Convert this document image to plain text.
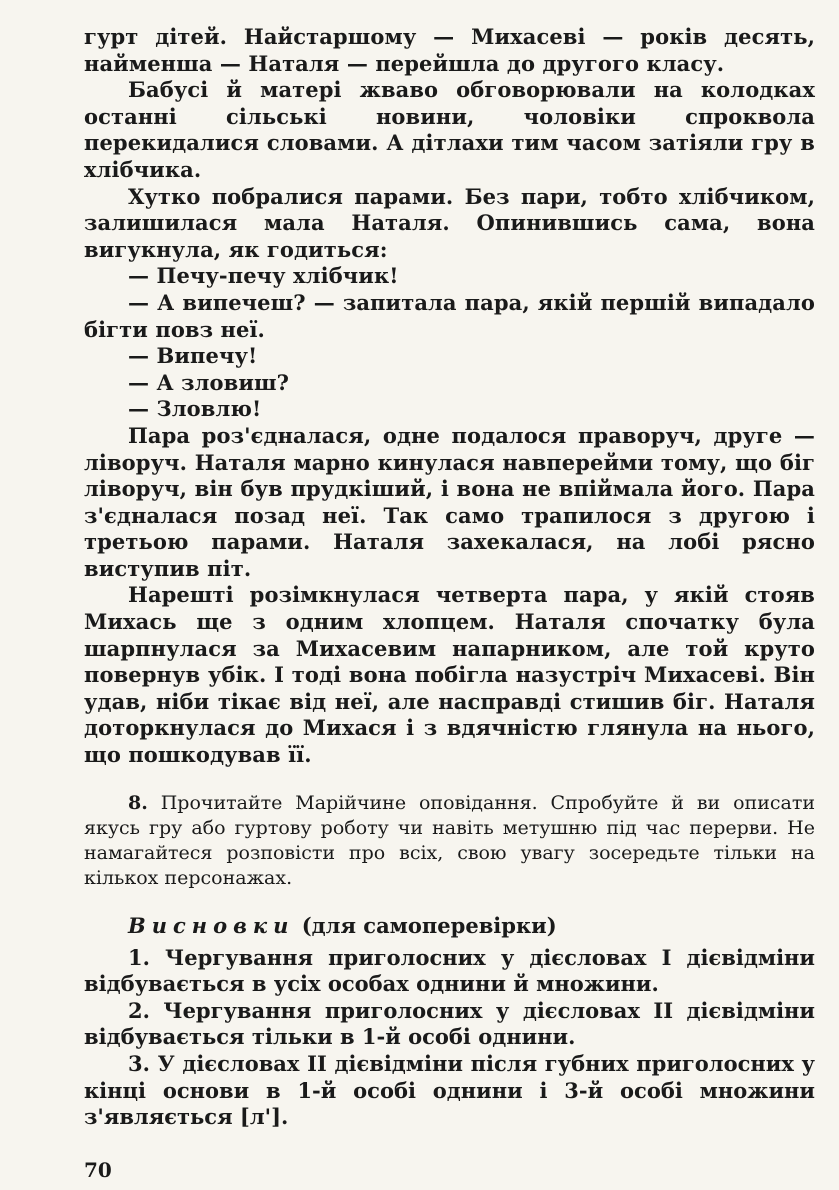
гурт дітей. Найстаршому — Михасеві — років десять, найменша — Наталя — перейшла до другого класу.

Бабусі й матері жваво обговорювали на колодках останні сільські новини, чоловіки спроквола перекидалися словами. А дітлахи тим часом затіяли гру в хлібчика.

Хутко побралися парами. Без пари, тобто хлібчиком, залишилася мала Наталя. Опинившись сама, вона вигукнула, як годиться:

— Печу-печу хлібчик!

— А випечеш? — запитала пара, якій першій випадало бігти повз неї.

— Випечу!

— А зловиш?

— Зловлю!

Пара роз'єдналася, одне подалося праворуч, друге — ліворуч. Наталя марно кинулася навперейми тому, що біг ліворуч, він був прудкіший, і вона не впіймала його. Пара з'єдналася позад неї. Так само трапилося з другою і третьою парами. Наталя захекалася, на лобі рясно виступив піт.

Нарешті розімкнулася четверта пара, у якій стояв Михась ще з одним хлопцем. Наталя спочатку була шарпнулася за Михасевим напарником, але той круто повернув убік. І тоді вона побігла назустріч Михасеві. Він удав, ніби тікає від неї, але насправді стишив біг. Наталя доторкнулася до Михася і з вдячністю глянула на нього, що пошкодував її.

8. Прочитайте Марійчине оповідання. Спробуйте й ви описати якусь гру або гуртову роботу чи навіть метушню під час перерви. Не намагайтеся розповісти про всіх, свою увагу зосередьте тільки на кількох персонажах.

Висновки (для самоперевірки)

1. Чергування приголосних у дієсловах І дієвідміни відбувається в усіх особах однини й множини.

2. Чергування приголосних у дієсловах II дієвідміни відбувається тільки в 1-й особі однини.

3. У дієсловах II дієвідміни після губних приголосних у кінці основи в 1-й особі однини і 3-й особі множини з'являється [л'].

70
